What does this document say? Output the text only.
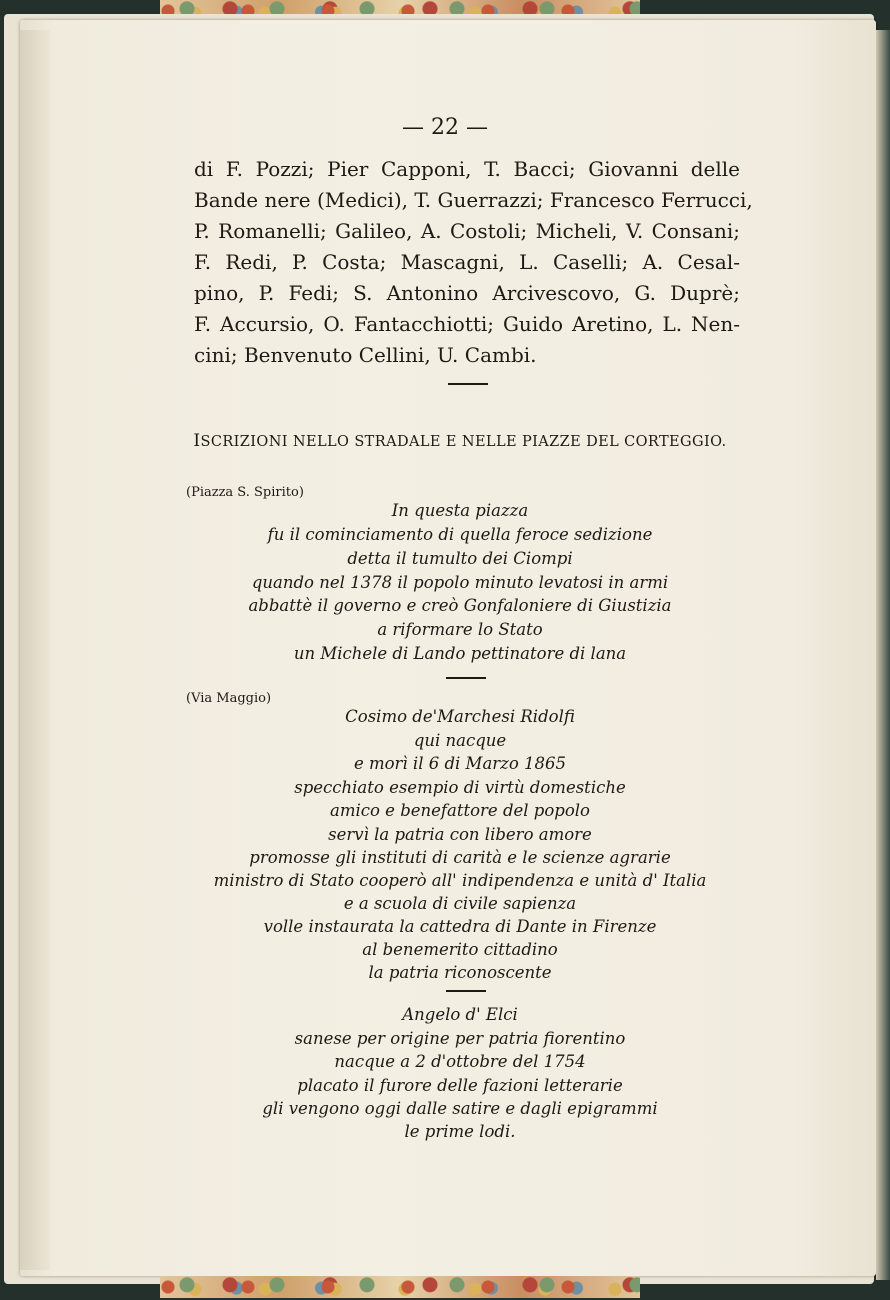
— 22 —
di F. Pozzi; Pier Capponi, T. Bacci; Giovanni delle
Bande nere (Medici), T. Guerrazzi; Francesco Ferrucci,
P. Romanelli; Galileo, A. Costoli; Micheli, V. Consani;
F. Redi, P. Costa; Mascagni, L. Caselli; A. Cesal-
pino, P. Fedi; S. Antonino Arcivescovo, G. Duprè;
F. Accursio, O. Fantacchiotti; Guido Aretino, L. Nen-
cini; Benvenuto Cellini, U. Cambi.
ISCRIZIONI NELLO STRADALE E NELLE PIAZZE DEL CORTEGGIO.
(Piazza S. Spirito)
In questa piazza
fu il cominciamento di quella feroce sedizione
detta il tumulto dei Ciompi
quando nel 1378 il popolo minuto levatosi in armi
abbattè il governo e creò Gonfaloniere di Giustizia
a riformare lo Stato
un Michele di Lando pettinatore di lana
(Via Maggio)
Cosimo de'Marchesi Ridolfi
qui nacque
e morì il 6 di Marzo 1865
specchiato esempio di virtù domestiche
amico e benefattore del popolo
servì la patria con libero amore
promosse gli instituti di carità e le scienze agrarie
ministro di Stato cooperò all' indipendenza e unità d' Italia
e a scuola di civile sapienza
volle instaurata la cattedra di Dante in Firenze
al benemerito cittadino
la patria riconoscente
Angelo d' Elci
sanese per origine per patria fiorentino
nacque a 2 d'ottobre del 1754
placato il furore delle fazioni letterarie
gli vengono oggi dalle satire e dagli epigrammi
le prime lodi.
